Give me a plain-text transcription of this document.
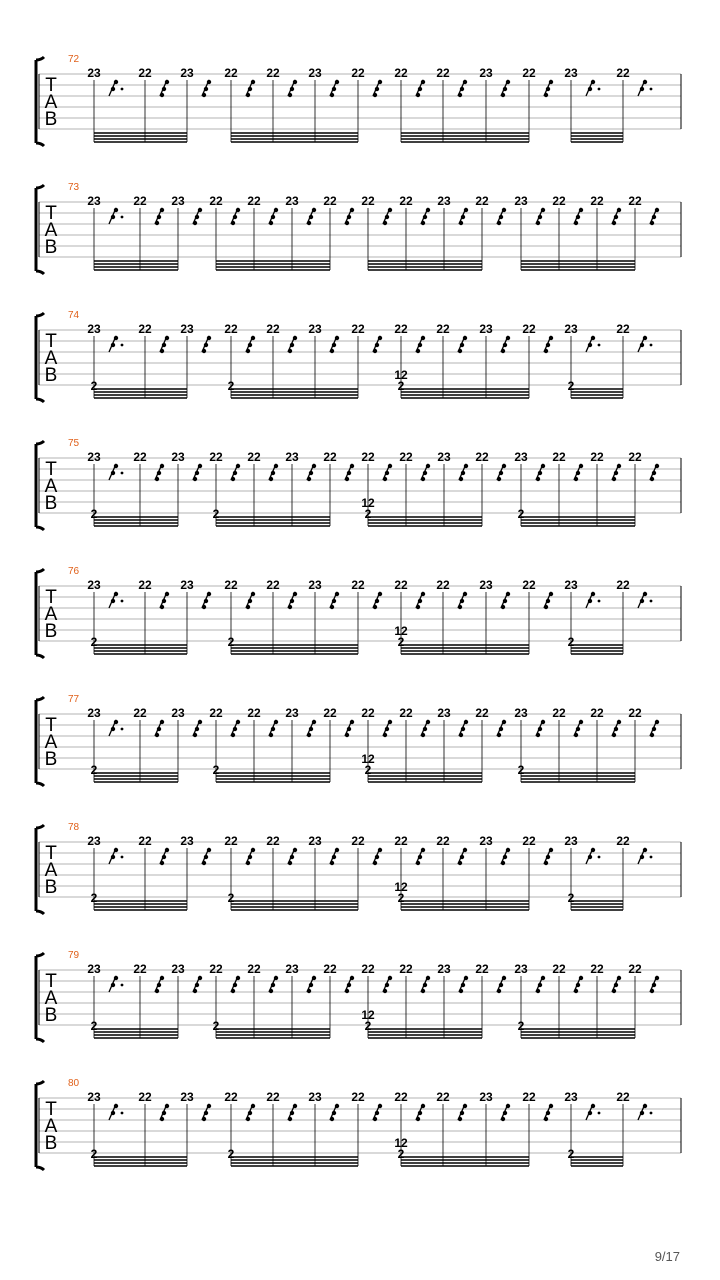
T
A
B
72
23	22 23	22 22 23 22 22 22 23 22 23	22
T
A
B
73
23	22 23 22 22 23 22 22 22 23 22 23 22 22 22
T
A
B
74
23	22 23	22 22 23 22 22 22 23 22 23	22
2	2	2	2
12
T
A
B
75
23	22 23 22 22 23 22 22 22 23 22 23 22 22 22
2	2	2	2
12
T
A
B
76
23	22 23	22 22 23 22 22 22 23 22 23	22
2	2	2	2
12
T
A
B
77
23	22 23 22 22 23 22 22 22 23 22 23 22 22 22
2	2	2	2
12
T
A
B
78
23	22 23	22 22 23 22 22 22 23 22 23	22
2	2	2	2
12
T
A
B
79
23	22 23 22 22 23 22 22 22 23 22 23 22 22 22
2	2	2	2
12
T
A
B
80
23	22 23	22 22 23 22 22 22 23 22 23	22
2	2	2	2
12
9/17
